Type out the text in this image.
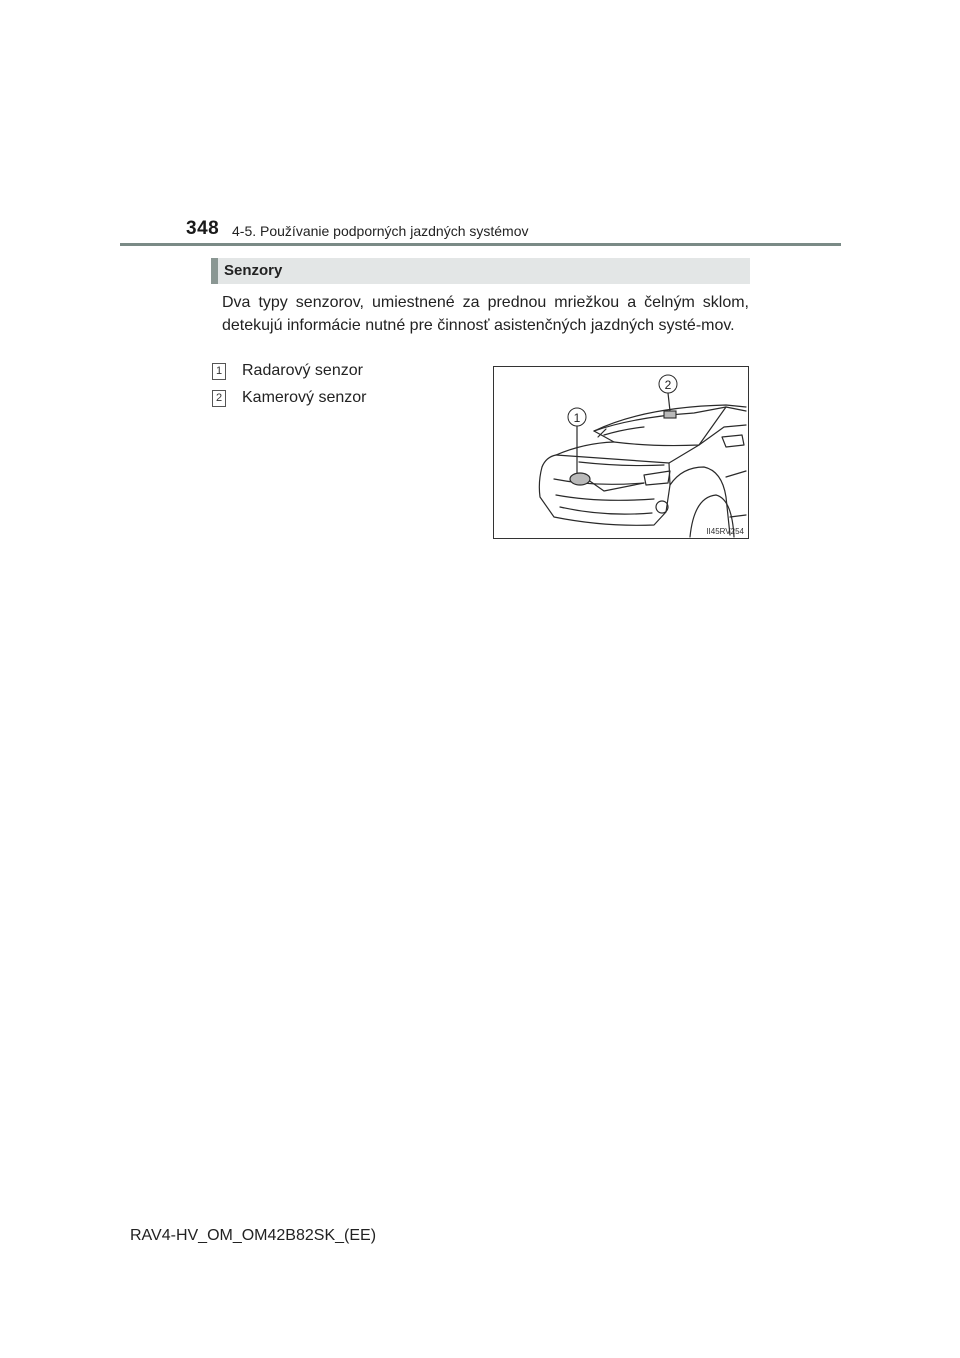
348 4-5. Používanie podporných jazdných systémov
Senzory
Dva typy senzorov, umiestnené za prednou mriežkou a čelným sklom, detekujú informácie nutné pre činnosť asistenčných jazdných systé-mov.
1 Radarový senzor
2 Kamerový senzor
1
2
II45RV254
RAV4-HV_OM_OM42B82SK_(EE)
